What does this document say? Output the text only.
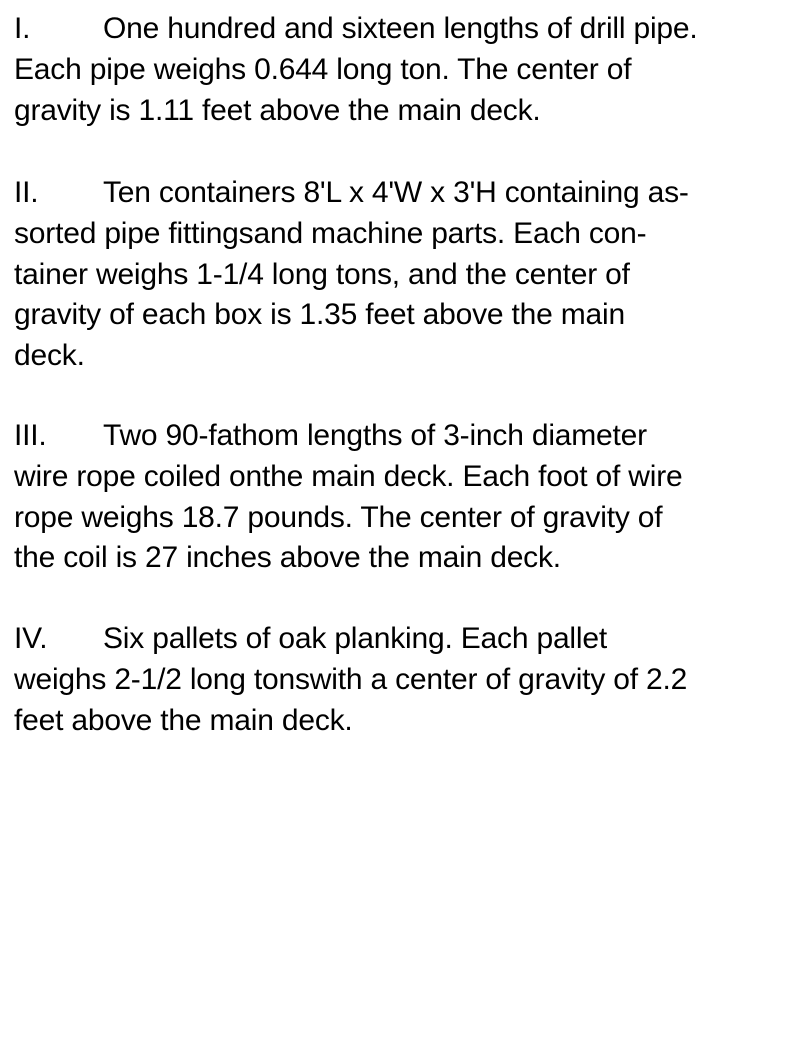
I. One hundred and sixteen lengths of drill pipe.
Each pipe weighs 0.644 long ton. The center of
gravity is 1.11 feet above the main deck.
II. Ten containers 8'L x 4'W x 3'H containing as-
sorted pipe fittingsand machine parts. Each con-
tainer weighs 1-1/4 long tons, and the center of
gravity of each box is 1.35 feet above the main
deck.
III. Two 90-fathom lengths of 3-inch diameter
wire rope coiled onthe main deck. Each foot of wire
rope weighs 18.7 pounds. The center of gravity of
the coil is 27 inches above the main deck.
IV. Six pallets of oak planking. Each pallet
weighs 2-1/2 long tonswith a center of gravity of 2.2
feet above the main deck.
